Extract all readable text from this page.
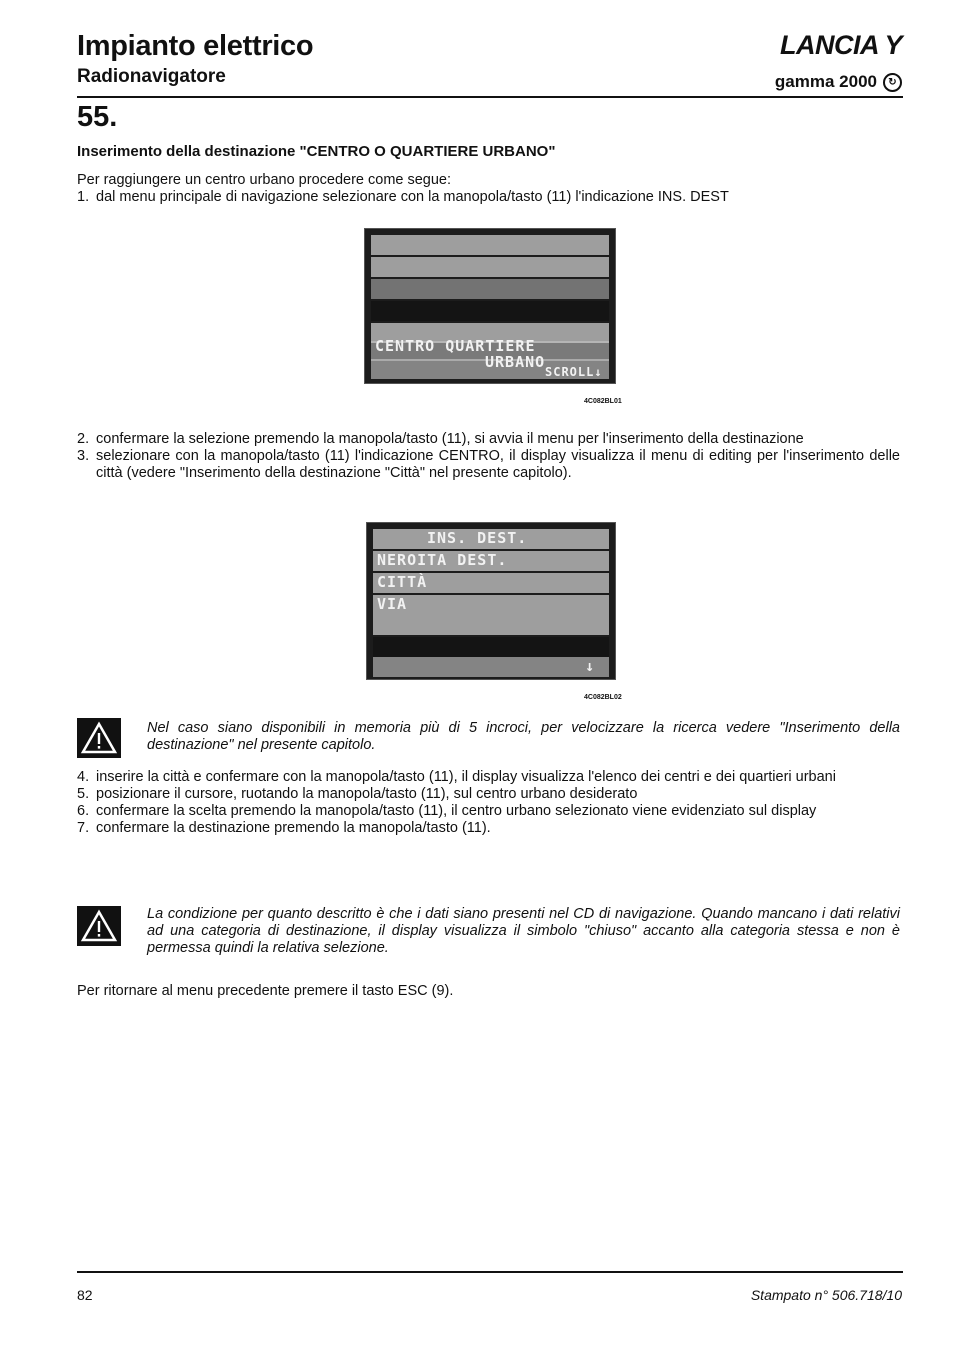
Impianto elettrico
Radionavigatore
LANCIA Y
gamma 2000	↻
55.
Inserimento della destinazione "CENTRO O QUARTIERE URBANO"
Per raggiungere un centro urbano procedere come segue:
1. dal menu principale di navigazione selezionare con la manopola/tasto (11) l'indicazione INS. DEST
CENTRO QUARTIERE
URBANO
SCROLL↓
4C082BL01
2. confermare la selezione premendo la manopola/tasto (11), si avvia il menu per l'inserimento della destinazione
3. selezionare con la manopola/tasto (11) l'indicazione CENTRO, il display visualizza il menu di editing per l'inserimento delle città (vedere "Inserimento della destinazione "Città" nel presente capitolo).
INS. DEST.
NEROITA DEST.
CITTÀ
VIA
↓
4C082BL02
Nel caso siano disponibili in memoria più di 5 incroci, per velocizzare la ricerca vedere "Inserimento della destinazione" nel presente capitolo.
4. inserire la città e confermare con la manopola/tasto (11), il display visualizza l'elenco dei centri e dei quartieri urbani
5. posizionare il cursore, ruotando la manopola/tasto (11), sul centro urbano desiderato
6. confermare la scelta premendo la manopola/tasto (11), il centro urbano selezionato viene evidenziato sul display
7. confermare la destinazione premendo la manopola/tasto (11).
La condizione per quanto descritto è che i dati siano presenti nel CD di navigazione. Quando mancano i dati relativi ad una categoria di destinazione, il display visualizza il simbolo "chiuso" accanto alla categoria stessa e non è permessa quindi la relativa selezione.
Per ritornare al menu precedente premere il tasto ESC (9).
82	Stampato n° 506.718/10
